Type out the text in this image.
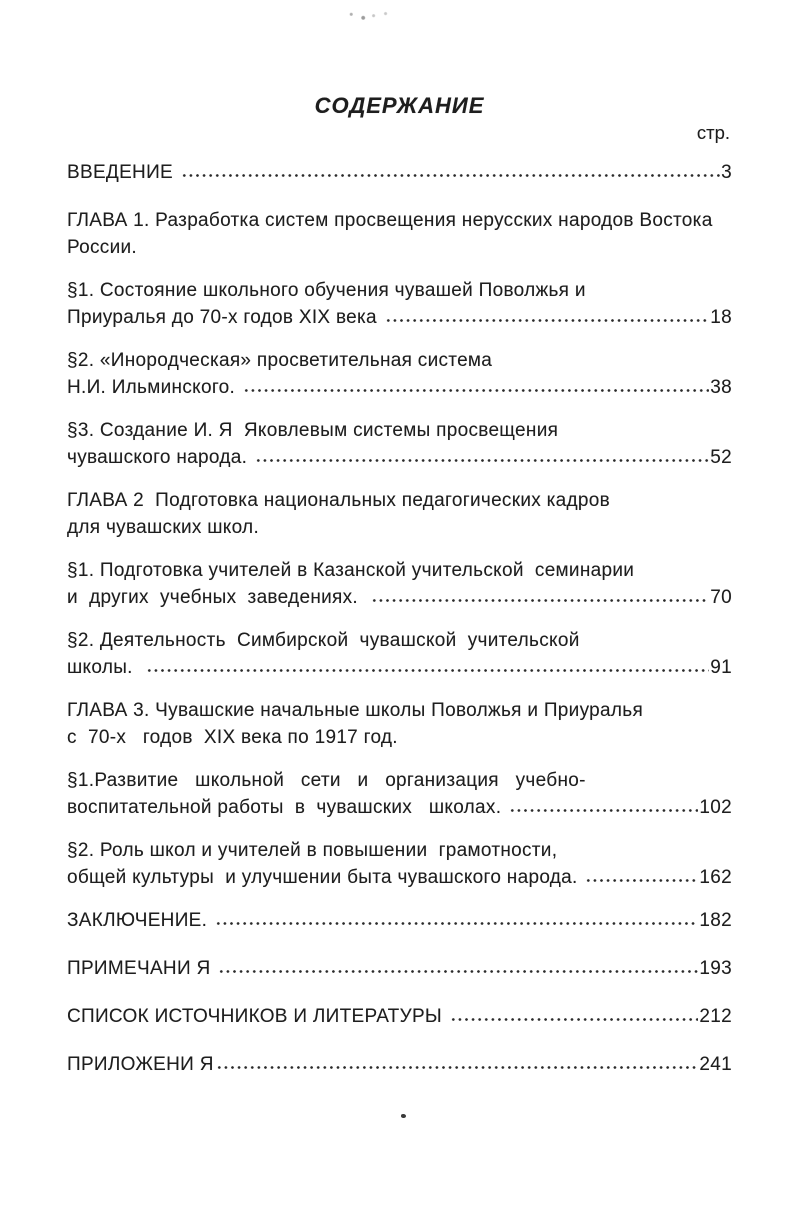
СОДЕРЖАНИЕ
стр.
ВВЕДЕНИЕ	3
ГЛАВА 1. Разработка систем просвещения нерусских народов Востока
России.
§1. Состояние школьного обучения чувашей Поволжья и
Приуралья до 70-х годов XIX века	18
§2. «Инородческая» просветительная система
Н.И. Ильминского.	38
§3. Создание И. Я  Яковлевым системы просвещения
чувашского народа.	52
ГЛАВА 2  Подготовка национальных педагогических кадров
для чувашских школ.
§1. Подготовка учителей в Казанской учительской  семинарии
и  других  учебных  заведениях.	70
§2. Деятельность  Симбирской  чувашской  учительской
школы.	91
ГЛАВА 3. Чувашские начальные школы Поволжья и Приуралья
с  70-х   годов  XIX века по 1917 год.
§1.Развитие   школьной   сети   и   организация   учебно-
воспитательной работы  в  чувашских   школах.	102
§2. Роль школ и учителей в повышении  грамотности,
общей культуры  и улучшении быта чувашского народа.	162
ЗАКЛЮЧЕНИЕ.	182
ПРИМЕЧАНИ Я	193
СПИСОК ИСТОЧНИКОВ И ЛИТЕРАТУРЫ	212
ПРИЛОЖЕНИ Я	241
